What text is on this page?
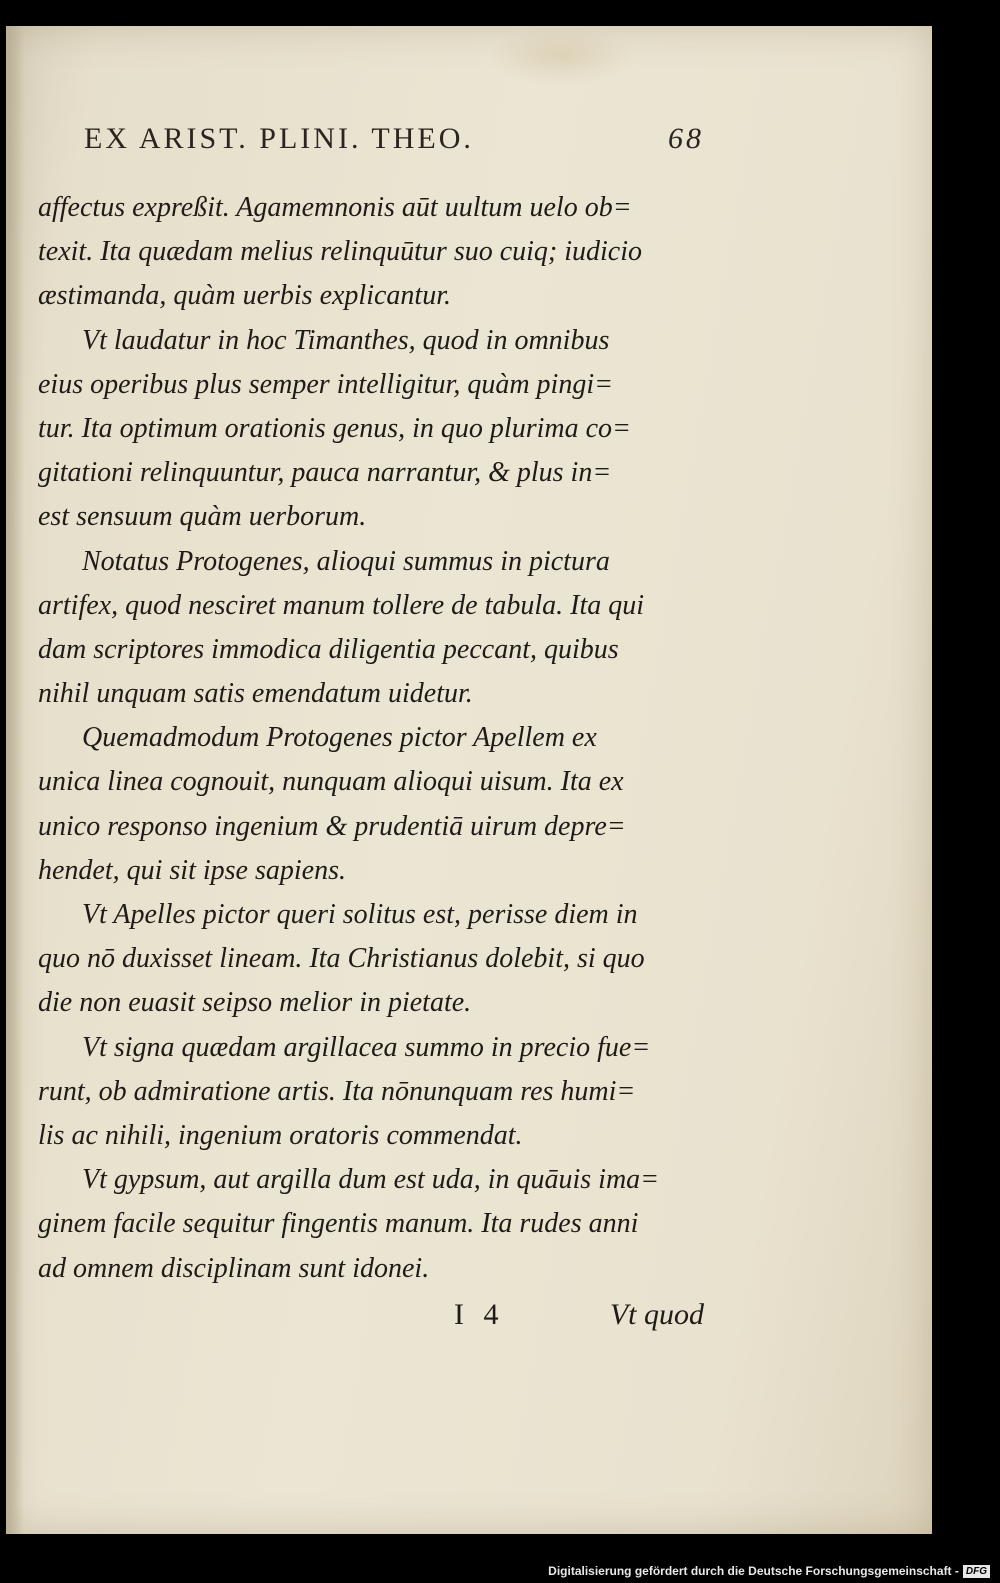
EX ARIST. PLINI. THEO.	68
affectus expreßit. Agamemnonis aūt uultum uelo ob=
texit. Ita quædam melius relinquūtur suo cuiq; iudicio
æstimanda, quàm uerbis explicantur.
Vt laudatur in hoc Timanthes, quod in omnibus
eius operibus plus semper intelligitur, quàm pingi=
tur. Ita optimum orationis genus, in quo plurima co=
gitationi relinquuntur, pauca narrantur, & plus in=
est sensuum quàm uerborum.
Notatus Protogenes, alioqui summus in pictura
artifex, quod nesciret manum tollere de tabula. Ita qui
dam scriptores immodica diligentia peccant, quibus
nihil unquam satis emendatum uidetur.
Quemadmodum Protogenes pictor Apellem ex
unica linea cognouit, nunquam alioqui uisum. Ita ex
unico responso ingenium & prudentiā uirum depre=
hendet, qui sit ipse sapiens.
Vt Apelles pictor queri solitus est, perisse diem in
quo nō duxisset lineam. Ita Christianus dolebit, si quo
die non euasit seipso melior in pietate.
Vt signa quædam argillacea summo in precio fue=
runt, ob admiratione artis. Ita nōnunquam res humi=
lis ac nihili, ingenium oratoris commendat.
Vt gypsum, aut argilla dum est uda, in quāuis ima=
ginem facile sequitur fingentis manum. Ita rudes anni
ad omnem disciplinam sunt idonei.
I 4	Vt quod
Digitalisierung gefördert durch die Deutsche Forschungsgemeinschaft - DFG
